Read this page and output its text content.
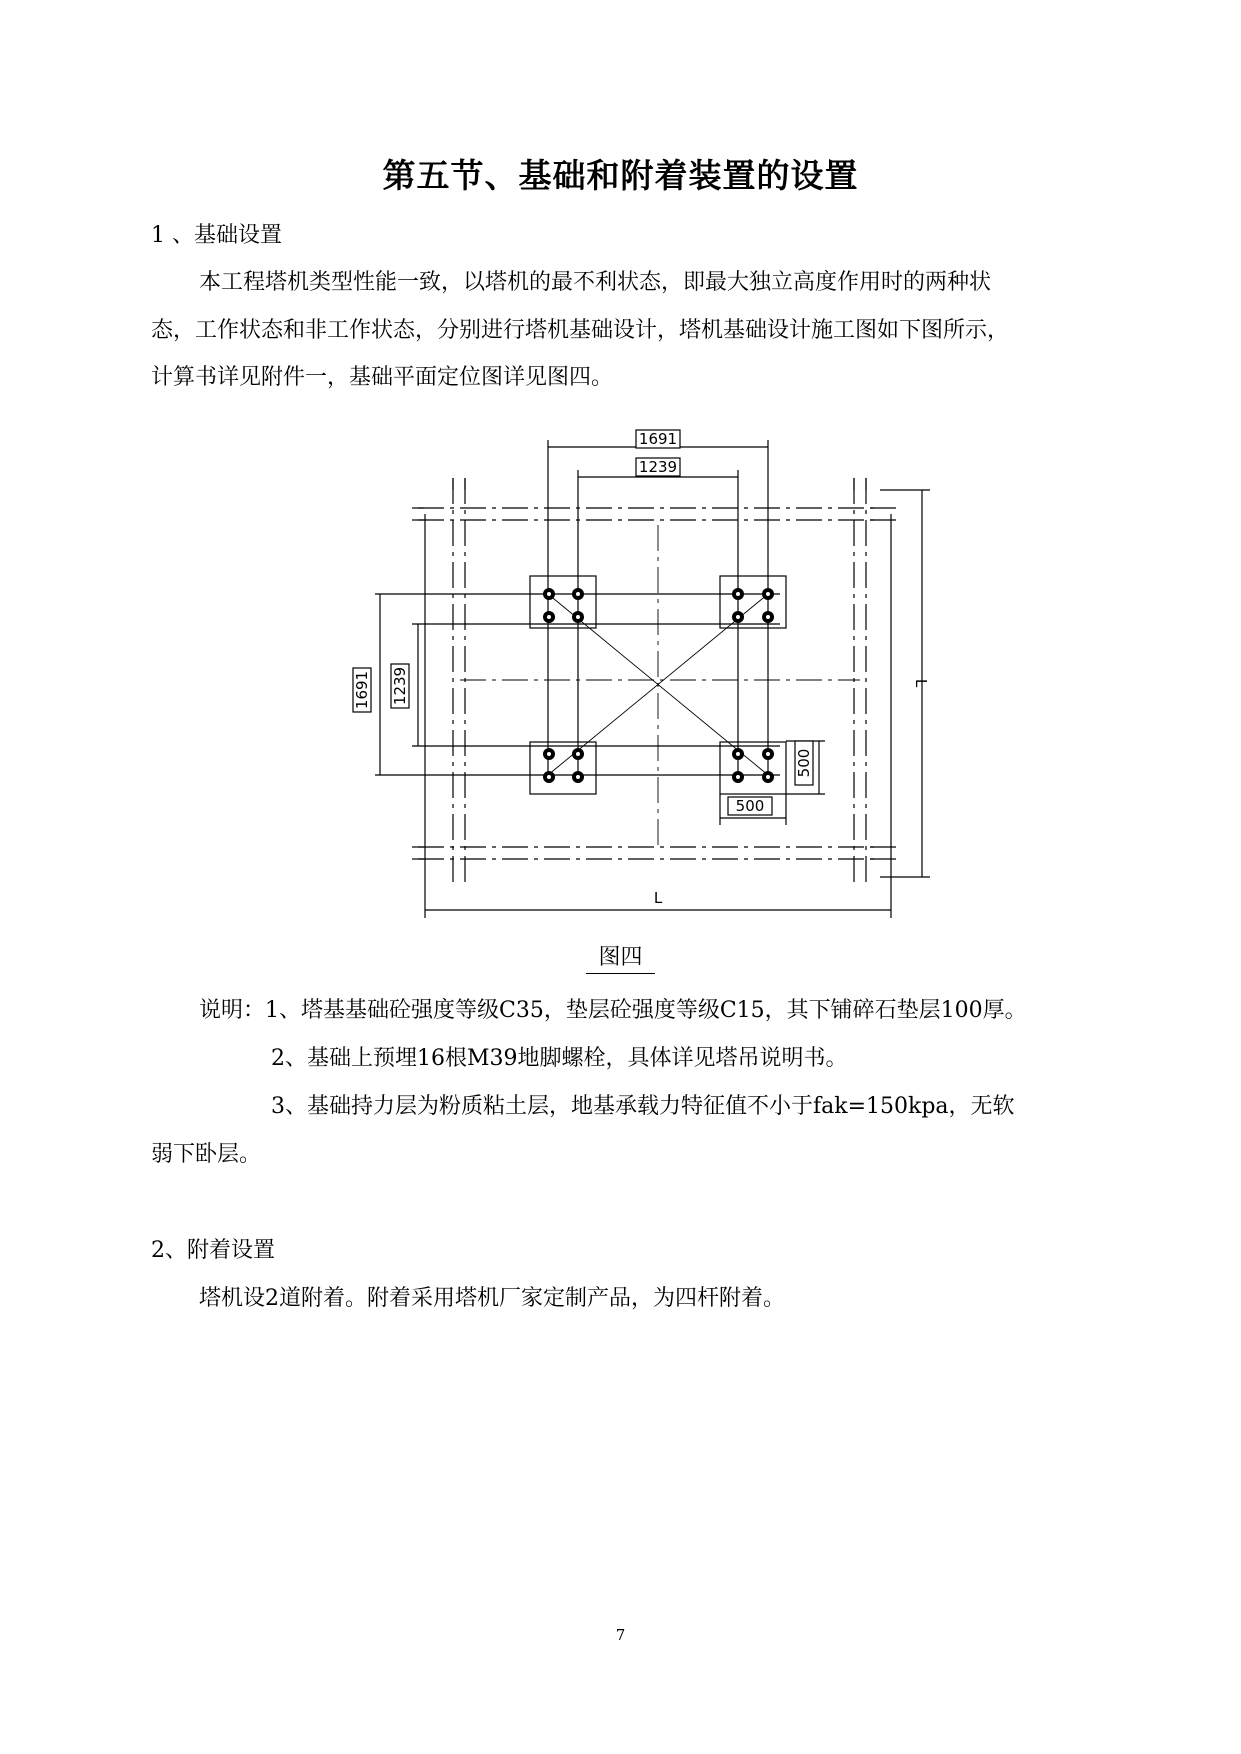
第五节、基础和附着装置的设置
1 、基础设置
本工程塔机类型性能一致，以塔机的最不利状态，即最大独立高度作用时的两种状
态，工作状态和非工作状态，分别进行塔机基础设计，塔机基础设计施工图如下图所示，
计算书详见附件一，基础平面定位图详见图四。
1691
1239
1691 1239
500
500
L
L
图四
说明：1、塔基基础砼强度等级C35，垫层砼强度等级C15，其下铺碎石垫层100厚。
2、基础上预埋16根M39地脚螺栓，具体详见塔吊说明书。
3、基础持力层为粉质粘土层，地基承载力特征值不小于fak=150kpa，无软
弱下卧层。
2、附着设置
塔机设2道附着。附着采用塔机厂家定制产品，为四杆附着。
7
